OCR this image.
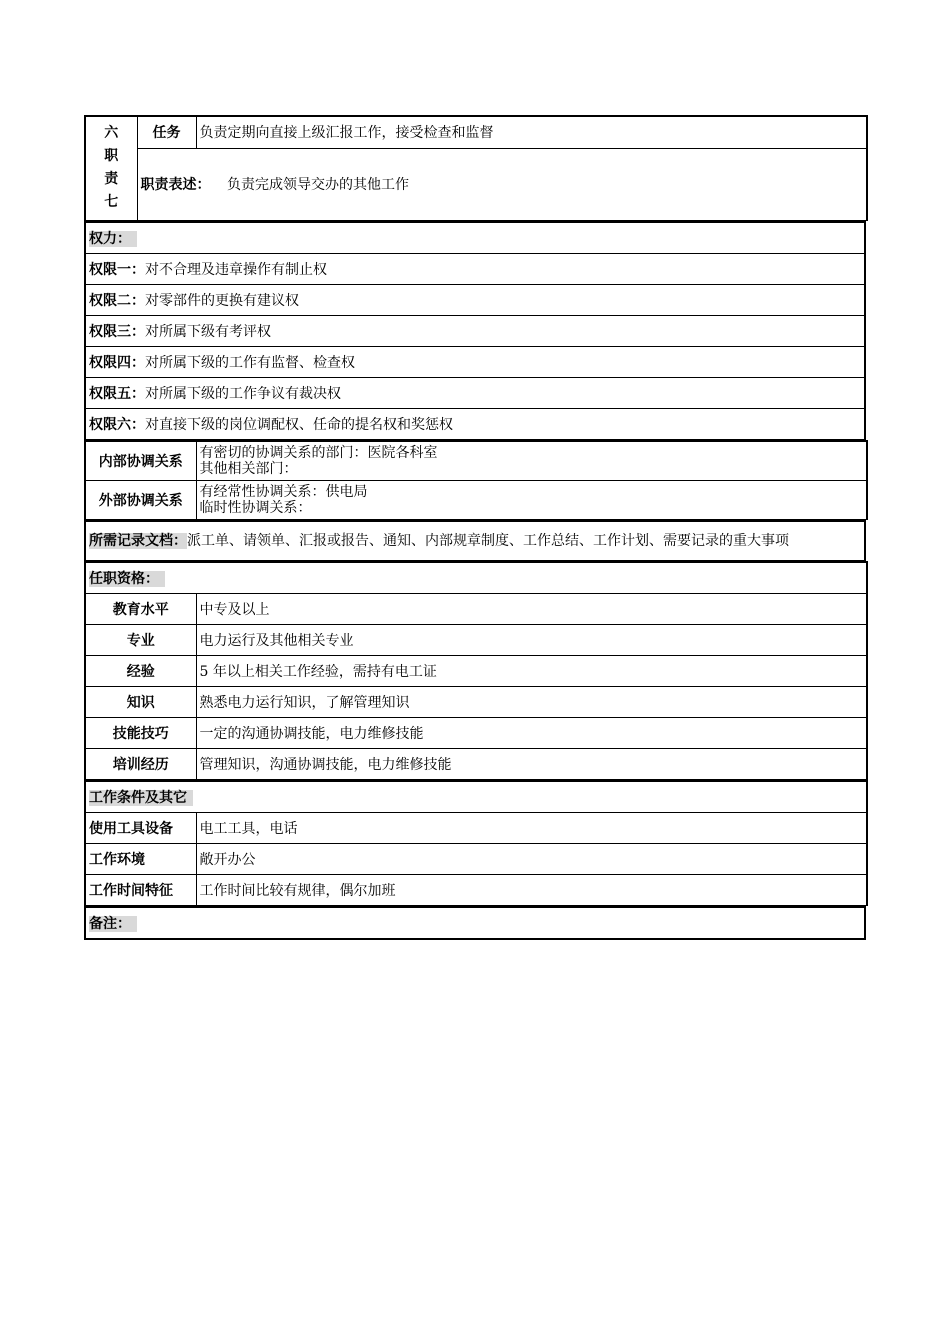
六
职
责
七
	任务	负责定期向直接上级汇报工作，接受检查和监督
职责表述： 负责完成领导交办的其他工作
权力：
权限一：对不合理及违章操作有制止权
权限二：对零部件的更换有建议权
权限三：对所属下级有考评权
权限四：对所属下级的工作有监督、检查权
权限五：对所属下级的工作争议有裁决权
权限六：对直接下级的岗位调配权、任命的提名权和奖惩权
内部协调关系	有密切的协调关系的部门：医院各科室
其他相关部门：

外部协调关系	有经常性协调关系：供电局
临时性协调关系：
所需记录文档：派工单、请领单、汇报或报告、通知、内部规章制度、工作总结、工作计划、需要记录的重大事项
任职资格：	
教育水平	中专及以上
专业	电力运行及其他相关专业
经验	5 年以上相关工作经验，需持有电工证
知识	熟悉电力运行知识，了解管理知识
技能技巧	一定的沟通协调技能，电力维修技能
培训经历	管理知识，沟通协调技能，电力维修技能
工作条件及其它	
使用工具设备	电工工具，电话
工作环境	敞开办公
工作时间特征	工作时间比较有规律，偶尔加班
备注：
